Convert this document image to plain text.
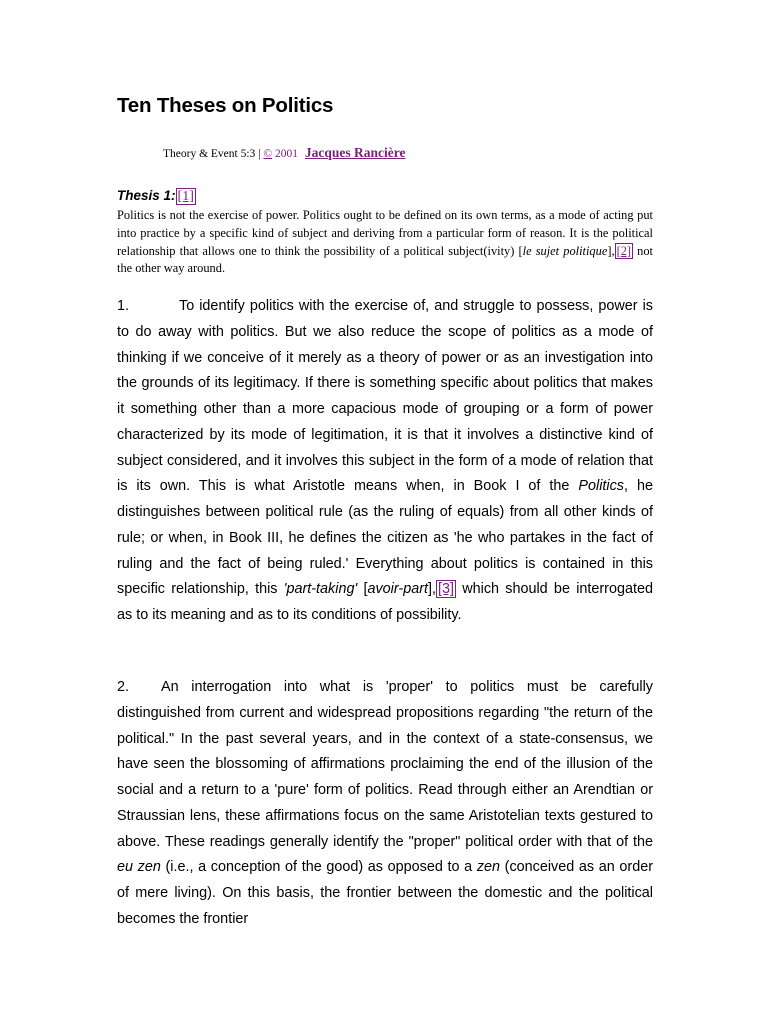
Ten Theses on Politics
Theory & Event 5:3 | © 2001 Jacques Rancière
Thesis 1: [1]
Politics is not the exercise of power. Politics ought to be defined on its own terms, as a mode of acting put into practice by a specific kind of subject and deriving from a particular form of reason. It is the political relationship that allows one to think the possibility of a political subject(ivity) [le sujet politique], [2] not the other way around.
1.	To identify politics with the exercise of, and struggle to possess, power is to do away with politics. But we also reduce the scope of politics as a mode of thinking if we conceive of it merely as a theory of power or as an investigation into the grounds of its legitimacy. If there is something specific about politics that makes it something other than a more capacious mode of grouping or a form of power characterized by its mode of legitimation, it is that it involves a distinctive kind of subject considered, and it involves this subject in the form of a mode of relation that is its own. This is what Aristotle means when, in Book I of the Politics, he distinguishes between political rule (as the ruling of equals) from all other kinds of rule; or when, in Book III, he defines the citizen as 'he who partakes in the fact of ruling and the fact of being ruled.' Everything about politics is contained in this specific relationship, this 'part-taking' [avoir-part], [3] which should be interrogated as to its meaning and as to its conditions of possibility.
2. An interrogation into what is 'proper' to politics must be carefully distinguished from current and widespread propositions regarding "the return of the political." In the past several years, and in the context of a state-consensus, we have seen the blossoming of affirmations proclaiming the end of the illusion of the social and a return to a 'pure' form of politics. Read through either an Arendtian or Straussian lens, these affirmations focus on the same Aristotelian texts gestured to above. These readings generally identify the "proper" political order with that of the eu zen (i.e., a conception of the good) as opposed to a zen (conceived as an order of mere living). On this basis, the frontier between the domestic and the political becomes the frontier
